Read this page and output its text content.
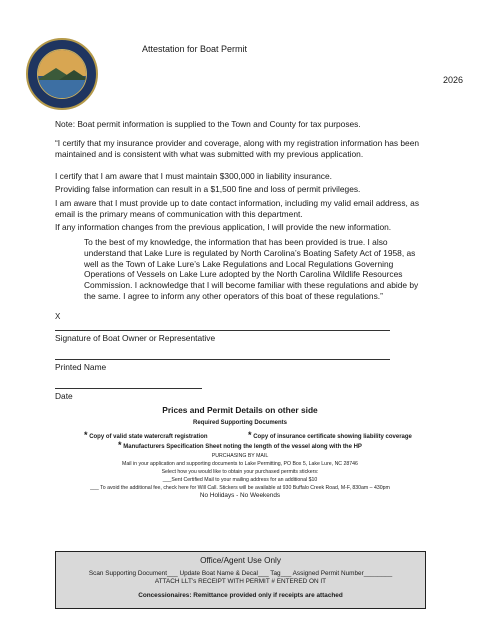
Attestation for Boat Permit
2026
Note: Boat permit information is supplied to the Town and County for tax purposes.
“I certify that my insurance provider and coverage, along with my registration information has been maintained and is consistent with what was submitted with my previous application.
I certify that I am aware that I must maintain $300,000 in liability insurance.
Providing false information can result in a $1,500 fine and loss of permit privileges.
I am aware that I must provide up to date contact information, including my valid email address, as email is the primary means of communication with this department.
If any information changes from the previous application, I will provide the new information.
To the best of my knowledge, the information that has been provided is true. I also understand that Lake Lure is regulated by North Carolina’s Boating Safety Act of 1958, as well as the Town of Lake Lure’s Lake Regulations and Local Regulations Governing Operations of Vessels on Lake Lure adopted by the North Carolina Wildlife Resources Commission. I acknowledge that I will become familiar with these regulations and abide by the same. I agree to inform any other operators of this boat of these regulations.”
X
Signature of Boat Owner or Representative
Printed Name
Date
Prices and Permit Details on other side
Required Supporting Documents
* Copy of valid state watercraft registration	* Copy of insurance certificate showing liability coverage
* Manufacturers Specification Sheet noting the length of the vessel along with the HP
PURCHASING BY MAIL
Mail in your application and supporting documents to Lake Permitting, PO Box 5, Lake Lure, NC 28746
Select how you would like to obtain your purchased permits stickers:
___Sent Certified Mail to your mailing address for an additional $10
___ To avoid the additional fee, check here for Will Call. Stickers will be available at 930 Buffalo Creek Road, M-F, 830am – 430pm
No Holidays - No Weekends
Office/Agent Use Only
Scan Supporting Document___ Update Boat Name & Decal___ Tag___ Assigned Permit Number________
ATTACH LLT’s RECEIPT WITH PERMIT # ENTERED ON IT
Concessionaires: Remittance provided only if receipts are attached
